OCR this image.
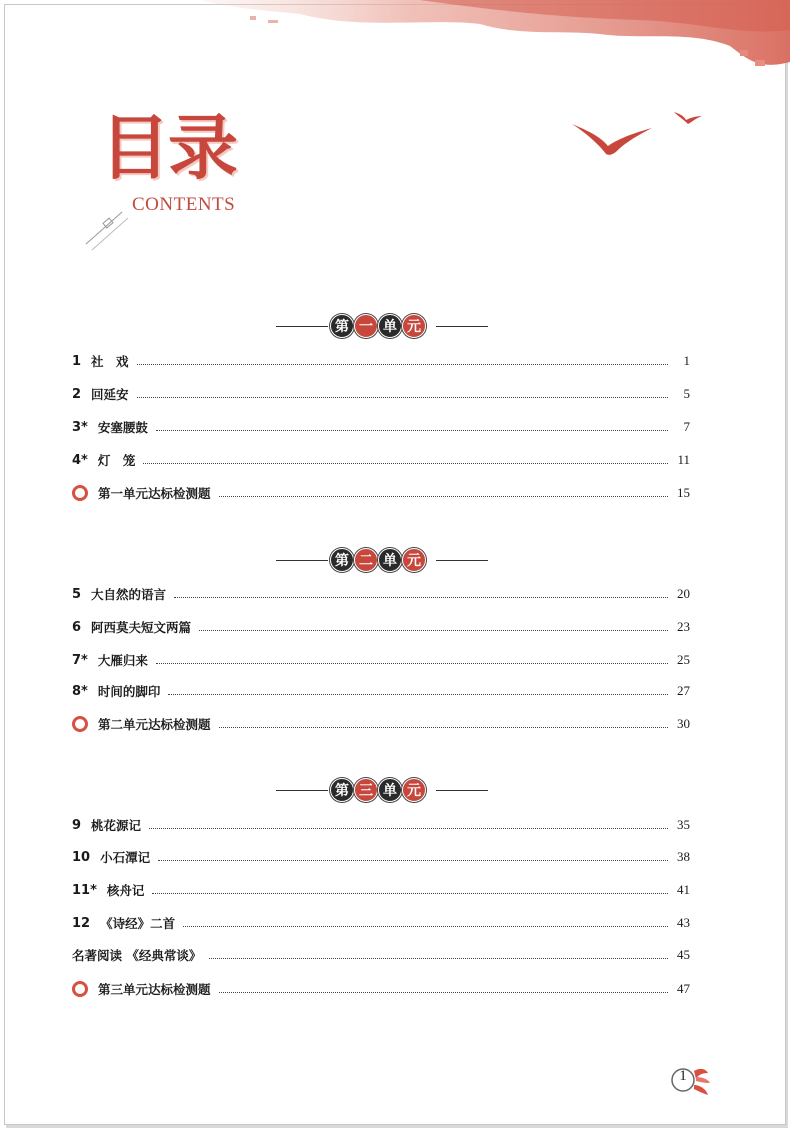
目录
CONTENTS
第 一 单 元
1 社　戏	1
2 回延安	5
3* 安塞腰鼓	7
4* 灯　笼	11
第一单元达标检测题	15
第 二 单 元
5 大自然的语言	20
6 阿西莫夫短文两篇	23
7* 大雁归来	25
8* 时间的脚印	27
第二单元达标检测题	30
第 三 单 元
9 桃花源记	35
10 小石潭记	38
11* 核舟记	41
12 《诗经》二首	43
名著阅读 《经典常谈》	45
第三单元达标检测题	47
1
